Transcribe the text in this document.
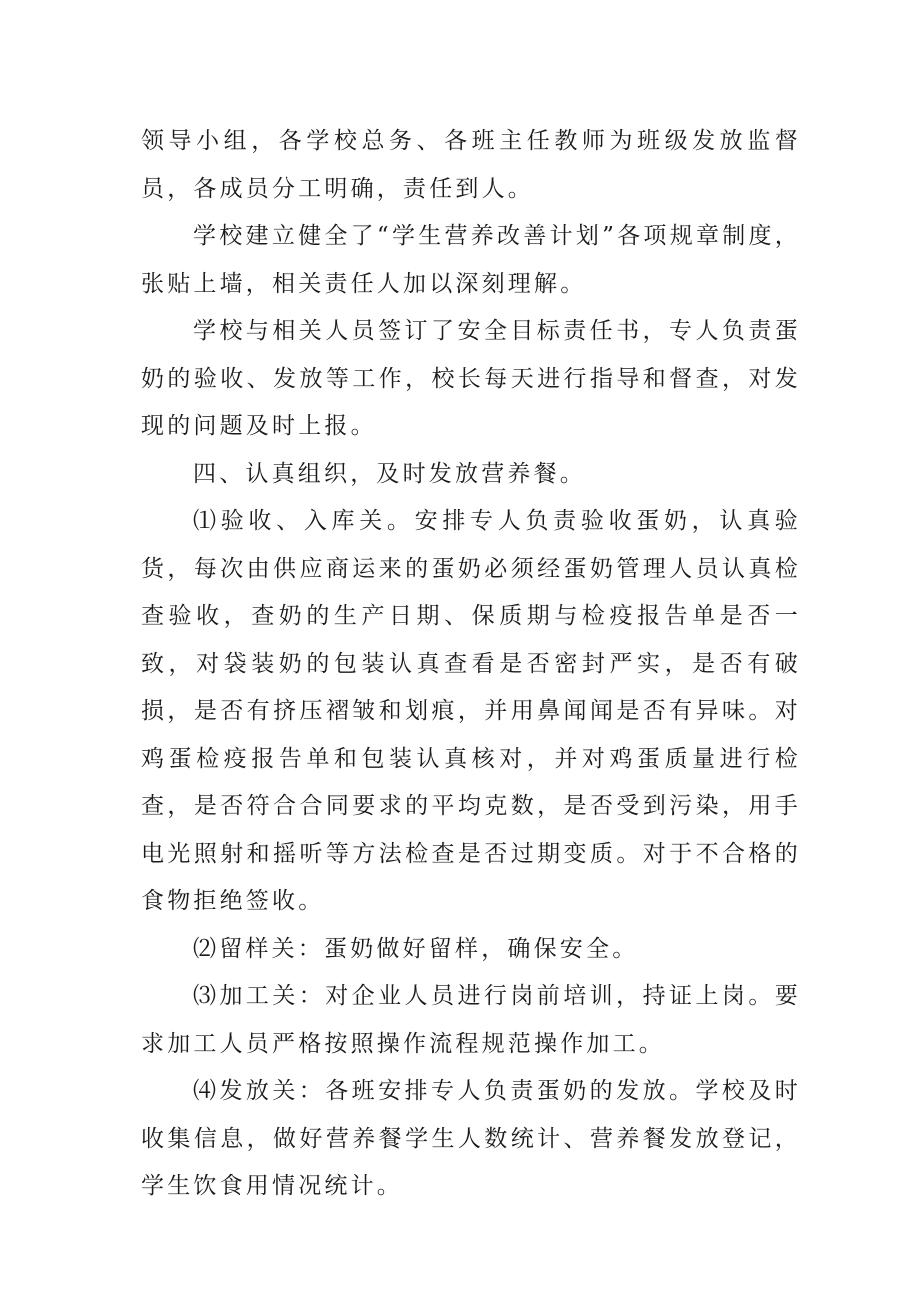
领导小组，各学校总务、各班主任教师为班级发放监督员，各成员分工明确，责任到人。

学校建立健全了“学生营养改善计划”各项规章制度，张贴上墙，相关责任人加以深刻理解。

学校与相关人员签订了安全目标责任书，专人负责蛋奶的验收、发放等工作，校长每天进行指导和督查，对发现的问题及时上报。

四、认真组织，及时发放营养餐。

⑴验收、入库关。安排专人负责验收蛋奶，认真验货，每次由供应商运来的蛋奶必须经蛋奶管理人员认真检查验收，查奶的生产日期、保质期与检疫报告单是否一致，对袋装奶的包装认真查看是否密封严实，是否有破损，是否有挤压褶皱和划痕，并用鼻闻闻是否有异味。对鸡蛋检疫报告单和包装认真核对，并对鸡蛋质量进行检查，是否符合合同要求的平均克数，是否受到污染，用手电光照射和摇听等方法检查是否过期变质。对于不合格的食物拒绝签收。

⑵留样关：蛋奶做好留样，确保安全。

⑶加工关：对企业人员进行岗前培训，持证上岗。要求加工人员严格按照操作流程规范操作加工。

⑷发放关：各班安排专人负责蛋奶的发放。学校及时收集信息，做好营养餐学生人数统计、营养餐发放登记，学生饮食用情况统计。
